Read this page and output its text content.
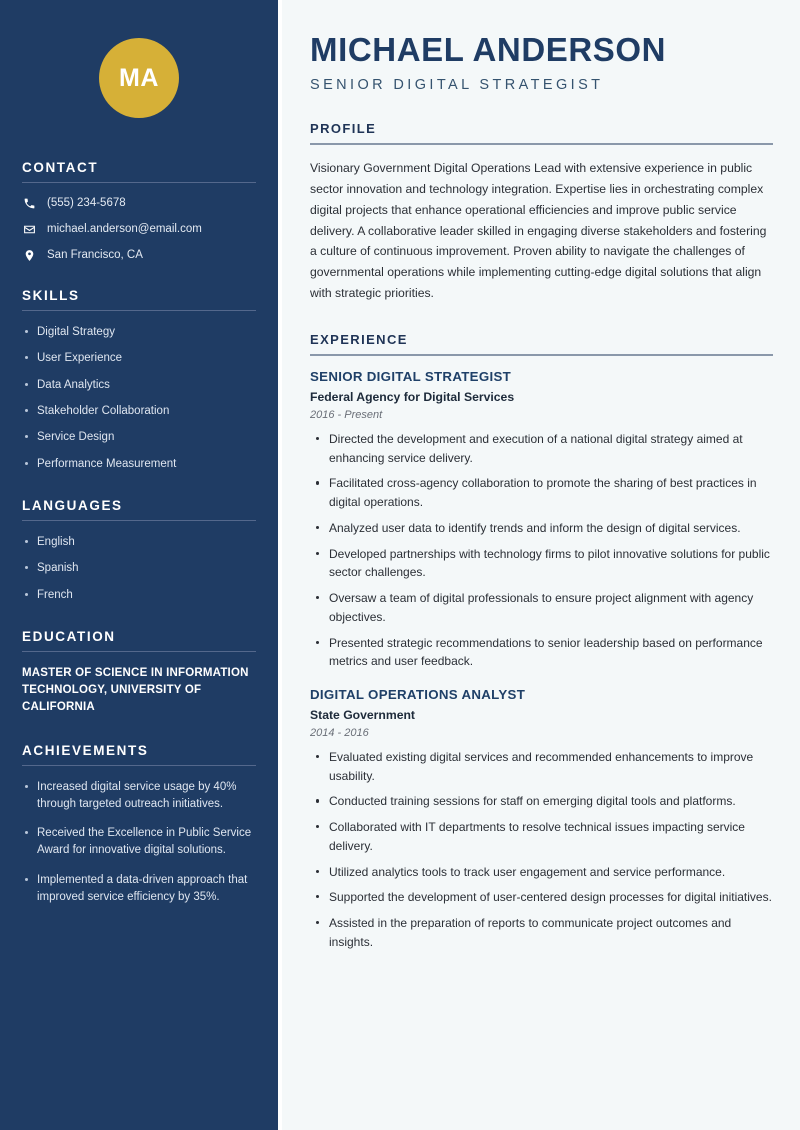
MA
CONTACT
(555) 234-5678
michael.anderson@email.com
San Francisco, CA
SKILLS
Digital Strategy
User Experience
Data Analytics
Stakeholder Collaboration
Service Design
Performance Measurement
LANGUAGES
English
Spanish
French
EDUCATION
MASTER OF SCIENCE IN INFORMATION TECHNOLOGY, UNIVERSITY OF CALIFORNIA
ACHIEVEMENTS
Increased digital service usage by 40% through targeted outreach initiatives.
Received the Excellence in Public Service Award for innovative digital solutions.
Implemented a data-driven approach that improved service efficiency by 35%.
MICHAEL ANDERSON
SENIOR DIGITAL STRATEGIST
PROFILE

Visionary Government Digital Operations Lead with extensive experience in public sector innovation and technology integration. Expertise lies in orchestrating complex digital projects that enhance operational efficiencies and improve public service delivery. A collaborative leader skilled in engaging diverse stakeholders and fostering a culture of continuous improvement. Proven ability to navigate the challenges of governmental operations while implementing cutting-edge digital solutions that align with strategic priorities.

EXPERIENCE
SENIOR DIGITAL STRATEGIST
Federal Agency for Digital Services
2016 - Present
Directed the development and execution of a national digital strategy aimed at enhancing service delivery.
Facilitated cross-agency collaboration to promote the sharing of best practices in digital operations.
Analyzed user data to identify trends and inform the design of digital services.
Developed partnerships with technology firms to pilot innovative solutions for public sector challenges.
Oversaw a team of digital professionals to ensure project alignment with agency objectives.
Presented strategic recommendations to senior leadership based on performance metrics and user feedback.
DIGITAL OPERATIONS ANALYST
State Government
2014 - 2016
Evaluated existing digital services and recommended enhancements to improve usability.
Conducted training sessions for staff on emerging digital tools and platforms.
Collaborated with IT departments to resolve technical issues impacting service delivery.
Utilized analytics tools to track user engagement and service performance.
Supported the development of user-centered design processes for digital initiatives.
Assisted in the preparation of reports to communicate project outcomes and insights.
